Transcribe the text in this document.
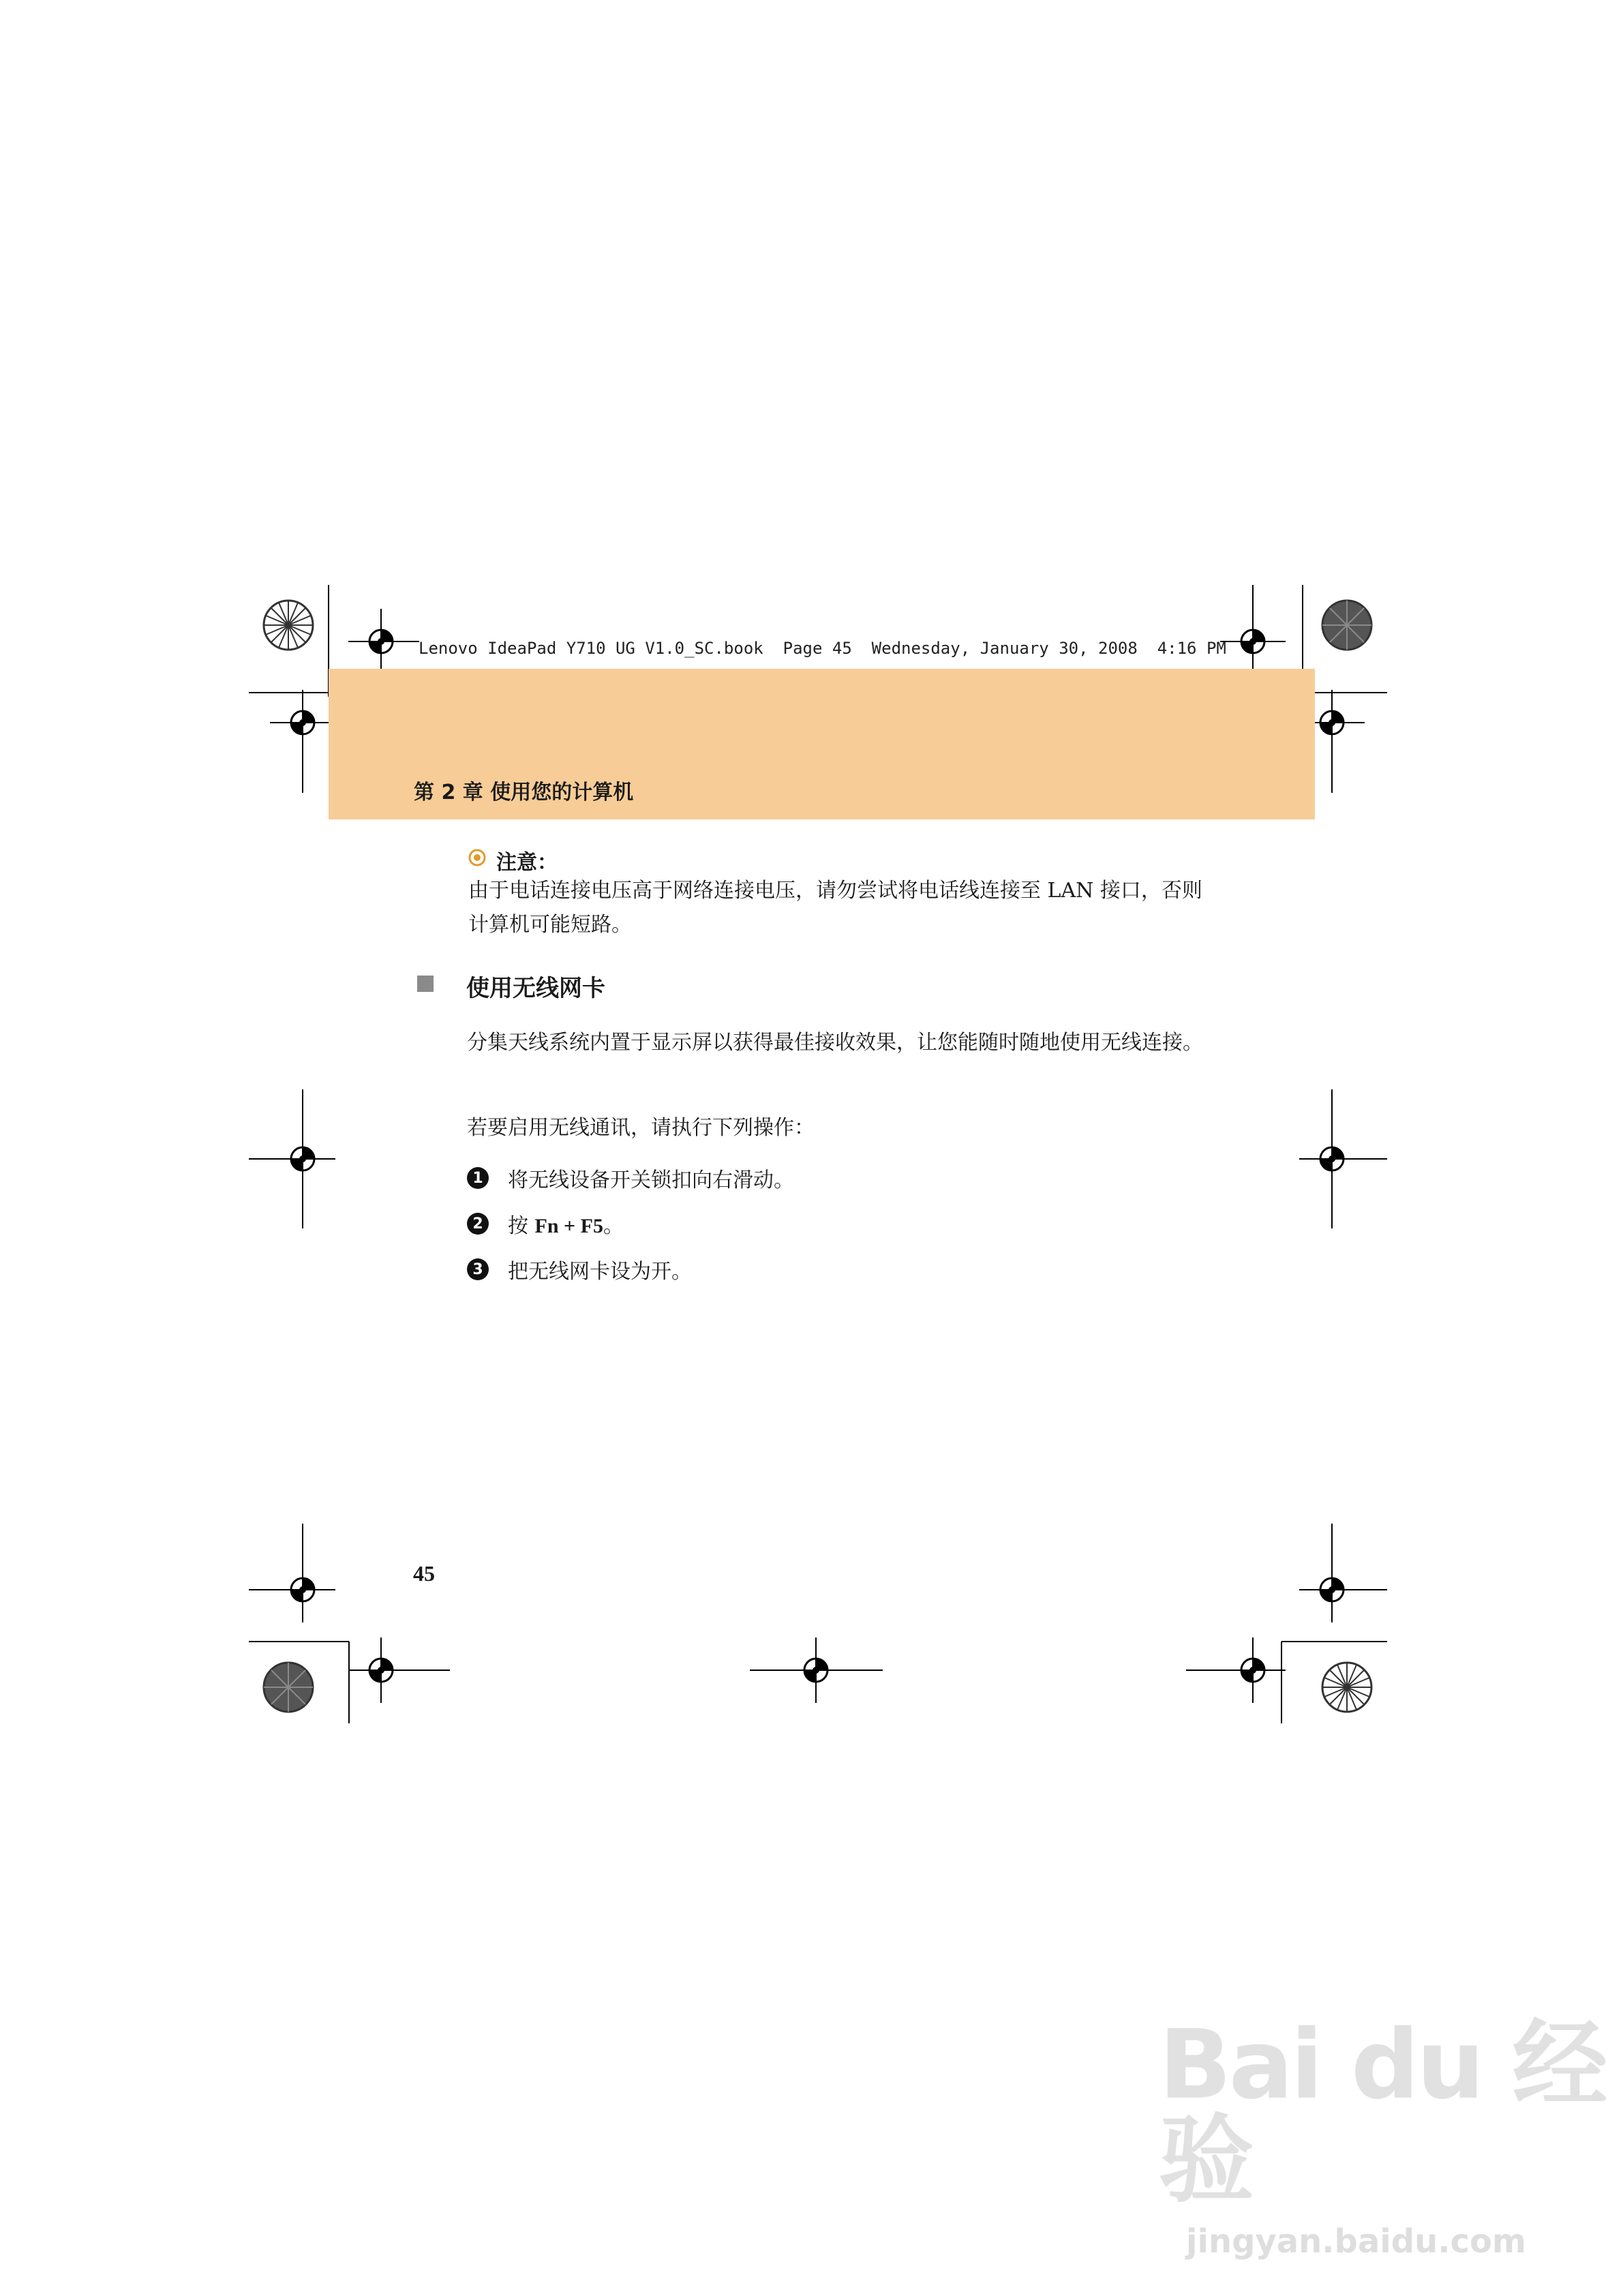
Lenovo IdeaPad Y710 UG V1.0_SC.book  Page 45  Wednesday, January 30, 2008  4:16 PM
第 2 章 使用您的计算机
注意：
由于电话连接电压高于网络连接电压，请勿尝试将电话线连接至 LAN 接口，否则计算机可能短路。
使用无线网卡
分集天线系统内置于显示屏以获得最佳接收效果，让您能随时随地使用无线连接。
若要启用无线通讯，请执行下列操作：
1 将无线设备开关锁扣向右滑动。
2 按 Fn + F5。
3 把无线网卡设为开。
45
Bai du 经验
jingyan.baidu.com
